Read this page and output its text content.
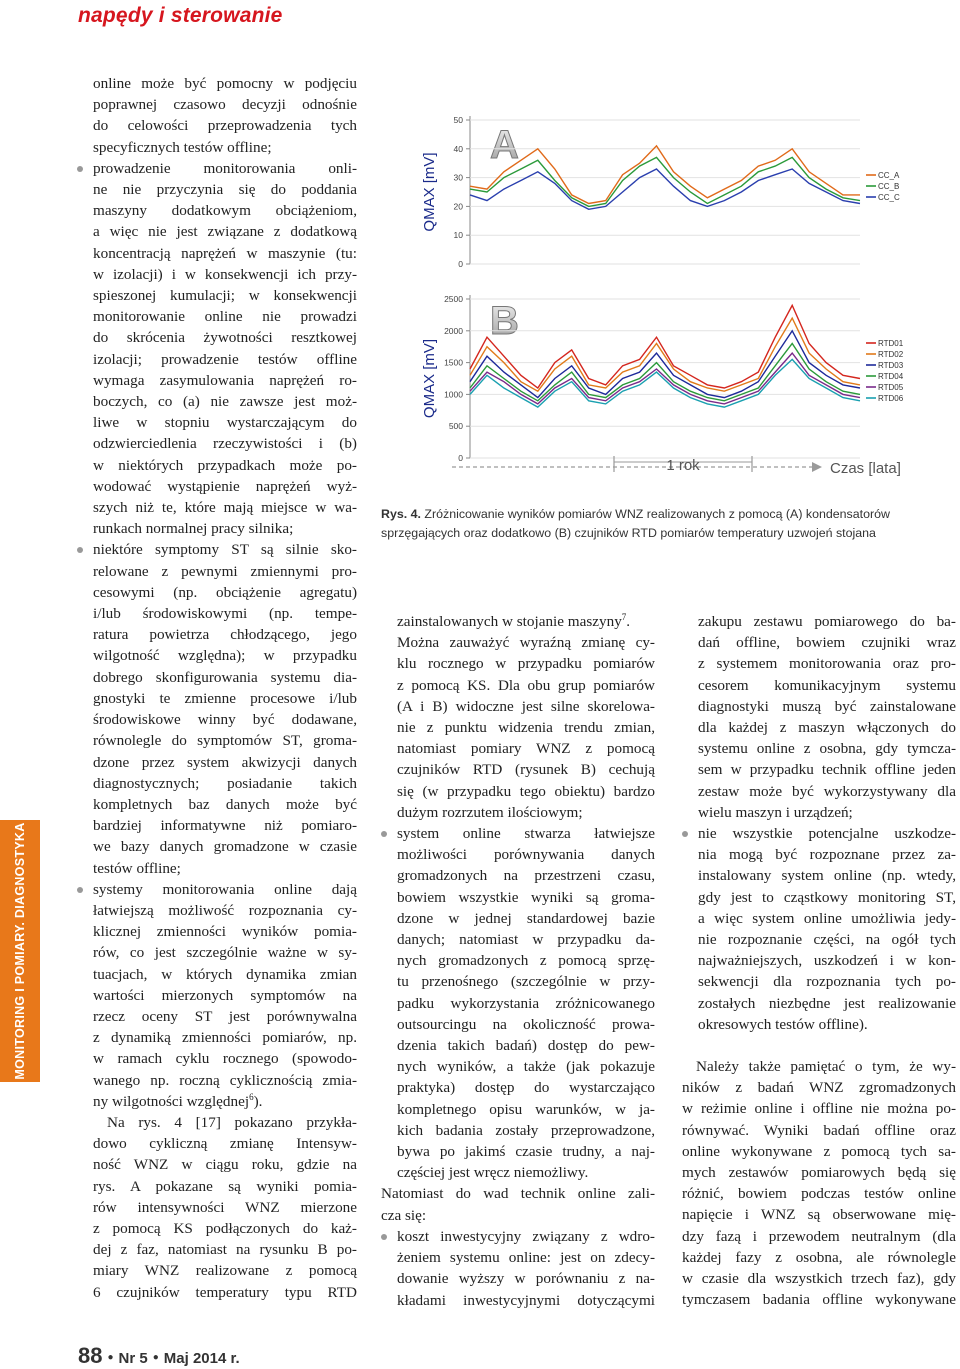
napędy i sterowanie
MONITORING I POMIARY. DIAGNOSTYKA
online może być pomocny w podjęciu
poprawnej czasowo decyzji odnośnie
do celowości przeprowadzenia tych
specyficznych testów offline;
prowadzenie monitorowania onli-
ne nie przyczynia się do poddania
maszyny dodatkowym obciążeniom,
a więc nie jest związane z dodatkową
koncentracją naprężeń w maszynie (tu:
w izolacji) i w konsekwencji ich przy-
spieszonej kumulacji; w konsekwencji
monitorowanie online nie prowadzi
do skrócenia żywotności resztkowej
izolacji; prowadzenie testów offline
wymaga zasymulowania naprężeń ro-
boczych, co (a) nie zawsze jest moż-
liwe w stopniu wystarczającym do
odzwierciedlenia rzeczywistości i (b)
w niektórych przypadkach może po-
wodować wystąpienie naprężeń wyż-
szych niż te, które mają miejsce w wa-
runkach normalnej pracy silnika;
niektóre symptomy ST są silnie sko-
relowane z pewnymi zmiennymi pro-
cesowymi (np. obciążenie agregatu)
i/lub środowiskowymi (np. tempe-
ratura powietrza chłodzącego, jego
wilgotność względna); w przypadku
dobrego skonfigurowania systemu dia-
gnostyki te zmienne procesowe i/lub
środowiskowe winny być dodawane,
równolegle do symptomów ST, groma-
dzone przez system akwizycji danych
diagnostycznych; posiadanie takich
kompletnych baz danych może być
bardziej informatywne niż pomiaro-
we bazy danych gromadzone w czasie
testów offline;
systemy monitorowania online dają
łatwiejszą możliwość rozpoznania cy-
klicznej zmienności wyników pomia-
rów, co jest szczególnie ważne w sy-
tuacjach, w których dynamika zmian
wartości mierzonych symptomów na
rzecz oceny ST jest porównywalna
z dynamiką zmienności pomiarów, np.
w ramach cyklu rocznego (spowodo-
wanego np. roczną cyklicznością zmia-
ny wilgotności względnej$^6$).
Na rys. 4 [17] pokazano przykła-
dowo cykliczną zmianę Intensyw-
ność WNZ w ciągu roku, gdzie na
rys. A pokazane są wyniki pomia-
rów intensywności WNZ mierzone
z pomocą KS podłączonych do każ-
dej z faz, natomiast na rysunku B po-
miary WNZ realizowane z pomocą
6 czujników temperatury typu RTD
A
B
50
40
30
20
10
0
QMAX [mV]	CC_A
CC_B
CC_C
2500
2000
1500
1000
500
0
QMAX [mV]	RTD01
RTD02
RTD03
RTD04
RTD05
RTD06
1 rok	Czas [lata]
Rys. 4. Zróżnicowanie wyników pomiarów WNZ realizowanych z pomocą (A) kondensatorów sprzęgających oraz dodatkowo (B) czujników RTD pomiarów temperatury uzwojeń stojana
zainstalowanych w stojanie maszyny$^7$.
Można zauważyć wyraźną zmianę cy-
klu rocznego w przypadku pomiarów
z pomocą KS. Dla obu grup pomiarów
(A i B) widoczne jest silne skorelowa-
nie z punktu widzenia trendu zmian,
natomiast pomiary WNZ z pomocą
czujników RTD (rysunek B) cechują
się (w przypadku tego obiektu) bardzo
dużym rozrzutem ilościowym;
system online stwarza łatwiejsze
możliwości porównywania danych
gromadzonych na przestrzeni czasu,
bowiem wszystkie wyniki są groma-
dzone w jednej standardowej bazie
danych; natomiast w przypadku da-
nych gromadzonych z pomocą sprzę-
tu przenośnego (szczególnie w przy-
padku wykorzystania zróżnicowanego
outsourcingu na okoliczność prowa-
dzenia takich badań) dostęp do pew-
nych wyników, a także (jak pokazuje
praktyka) dostęp do wystarczająco
kompletnego opisu warunków, w ja-
kich badania zostały przeprowadzone,
bywa po jakimś czasie trudny, a naj-
częściej jest wręcz niemożliwy.
Natomiast do wad technik online zali-
cza się:
koszt inwestycyjny związany z wdro-
żeniem systemu online: jest on zdecy-
dowanie wyższy w porównaniu z na-
kładami inwestycyjnymi dotyczącymi
zakupu zestawu pomiarowego do ba-
dań offline, bowiem czujniki wraz
z systemem monitorowania oraz pro-
cesorem komunikacyjnym systemu
diagnostyki muszą być zainstalowane
dla każdej z maszyn włączonych do
systemu online z osobna, gdy tymcza-
sem w przypadku technik offline jeden
zestaw może być wykorzystywany dla
wielu maszyn i urządzeń;
nie wszystkie potencjalne uszkodze-
nia mogą być rozpoznane przez za-
instalowany system online (np. wtedy,
gdy jest to cząstkowy monitoring ST,
a więc system online umożliwia jedy-
nie rozpoznanie części, na ogół tych
najważniejszych, uszkodzeń i w kon-
sekwencji dla rozpoznania tych po-
zostałych niezbędne jest realizowanie
okresowych testów offline).
Należy także pamiętać o tym, że wy-
ników z badań WNZ zgromadzonych
w reżimie online i offline nie można po-
równywać. Wyniki badań offline oraz
online wykonywane z pomocą tych sa-
mych zestawów pomiarowych będą się
różnić, bowiem podczas testów online
napięcie i WNZ są obserwowane mię-
dzy fazą i przewodem neutralnym (dla
każdej fazy z osobna, ale równolegle
w czasie dla wszystkich trzech faz), gdy
tymczasem badania offline wykonywane
88 ● Nr 5 ● Maj 2014 r.
